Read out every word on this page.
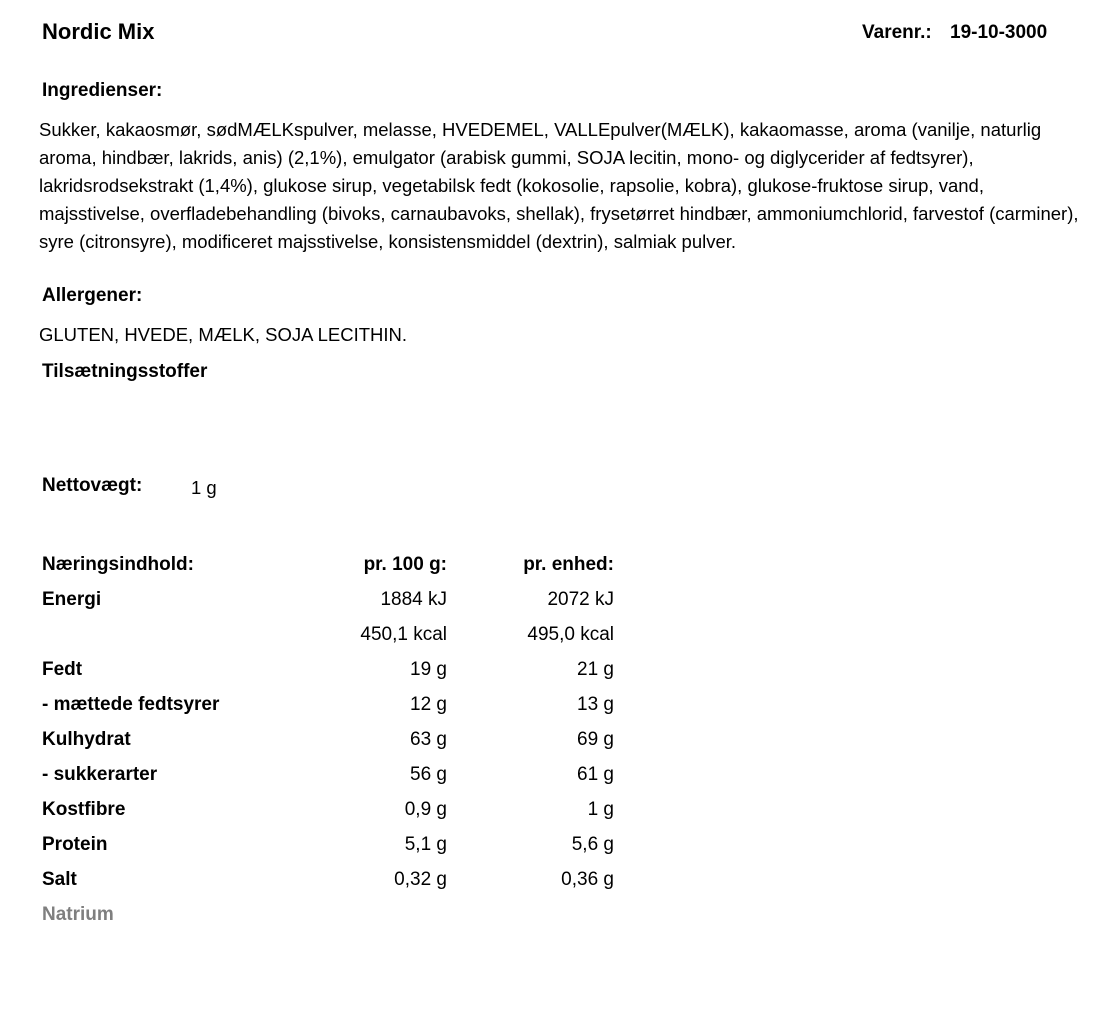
Nordic Mix	Varenr.: 19-10-3000
Ingredienser:
Sukker, kakaosmør, sødMÆLKspulver, melasse, HVEDEMEL, VALLEpulver(MÆLK), kakaomasse, aroma (vanilje, naturlig aroma, hindbær, lakrids, anis) (2,1%), emulgator (arabisk gummi, SOJA lecitin, mono- og diglycerider af fedtsyrer), lakridsrodsekstrakt (1,4%), glukose sirup, vegetabilsk fedt (kokosolie, rapsolie, kobra), glukose-fruktose sirup, vand, majsstivelse, overfladebehandling (bivoks, carnaubavoks, shellak), frysetørret hindbær, ammoniumchlorid, farvestof (carminer), syre (citronsyre), modificeret majsstivelse, konsistensmiddel (dextrin), salmiak pulver.
Allergener:
GLUTEN, HVEDE, MÆLK, SOJA LECITHIN.
Tilsætningsstoffer
Nettovægt:	1 g
Næringsindhold:	pr. 100 g:	pr. enhed:
Energi	1884 kJ	2072 kJ
	450,1 kcal	495,0 kcal
Fedt	19 g	21 g
- mættede fedtsyrer	12 g	13 g
Kulhydrat	63 g	69 g
- sukkerarter	56 g	61 g
Kostfibre	0,9 g	1 g
Protein	5,1 g	5,6 g
Salt	0,32 g	0,36 g
Natrium		
